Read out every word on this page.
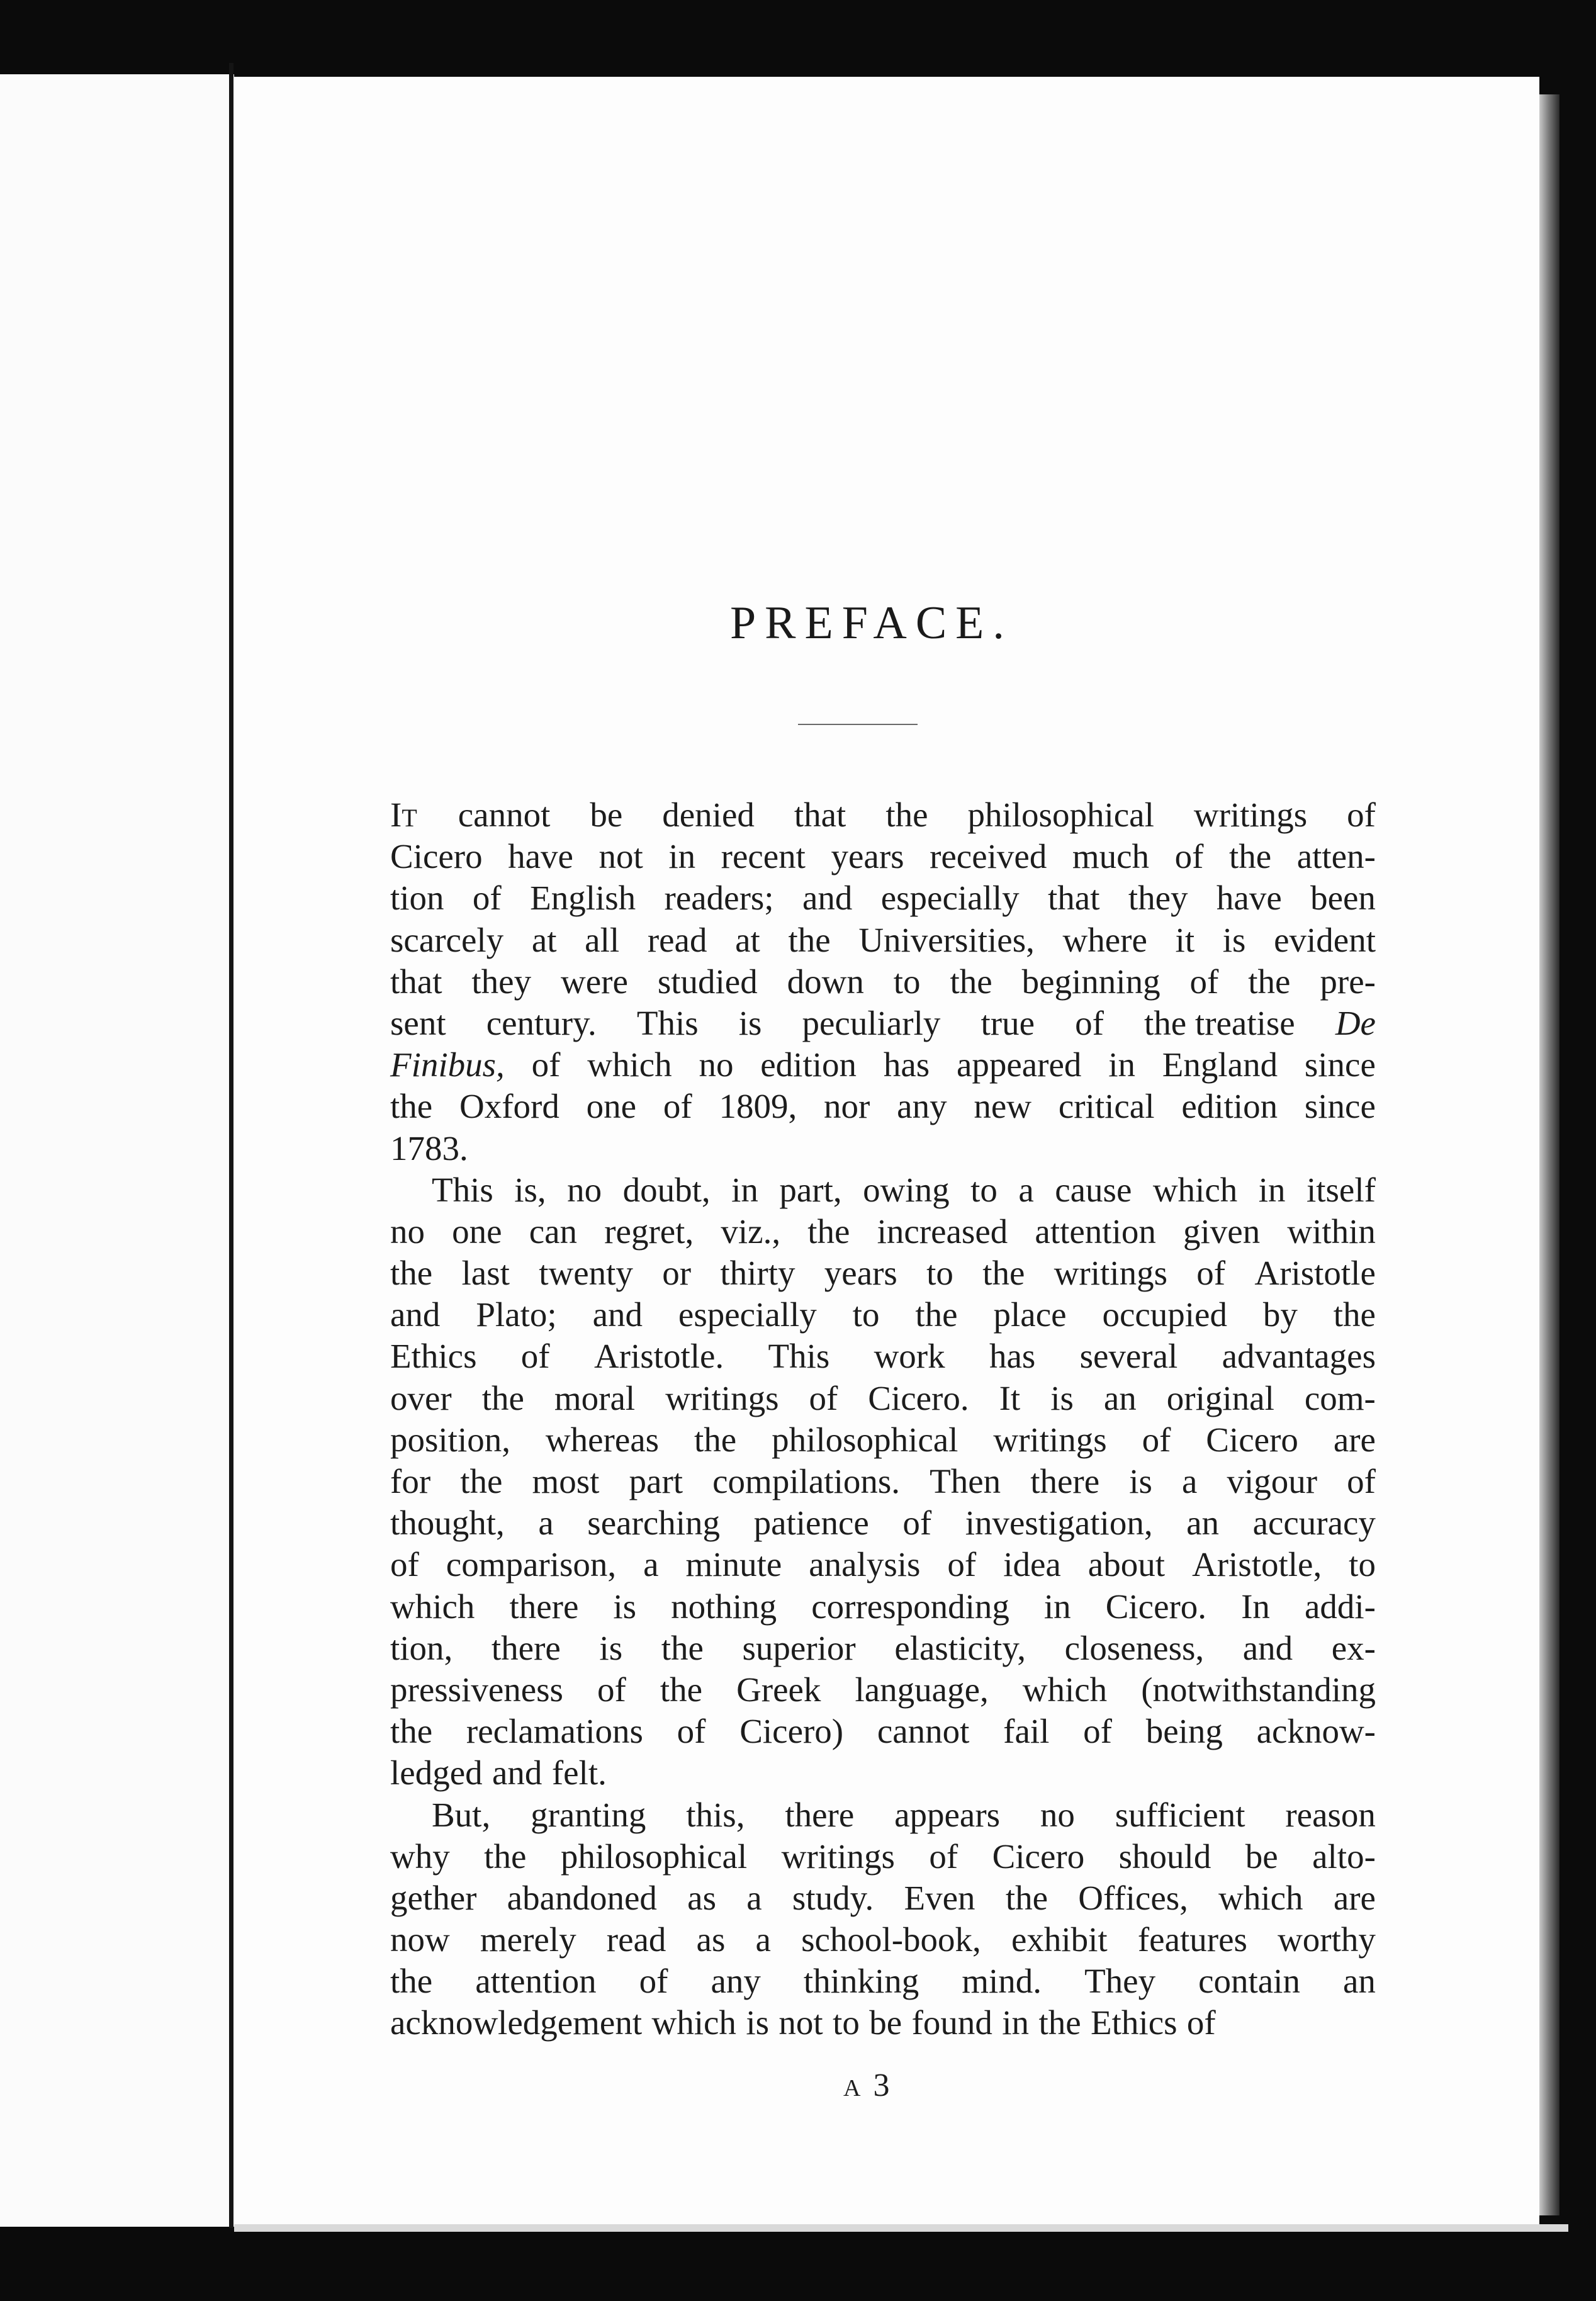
PREFACE.
IT cannot be denied that the philosophical writings of
Cicero have not in recent years received much of the atten-
tion of English readers; and especially that they have been
scarcely at all read at the Universities, where it is evident
that they were studied down to the beginning of the pre-
sent century. This is peculiarly true of the treatise De
Finibus, of which no edition has appeared in England since
the Oxford one of 1809, nor any new critical edition since
1783.
This is, no doubt, in part, owing to a cause which in itself
no one can regret, viz., the increased attention given within
the last twenty or thirty years to the writings of Aristotle
and Plato; and especially to the place occupied by the
Ethics of Aristotle. This work has several advantages
over the moral writings of Cicero. It is an original com-
position, whereas the philosophical writings of Cicero are
for the most part compilations. Then there is a vigour of
thought, a searching patience of investigation, an accuracy
of comparison, a minute analysis of idea about Aristotle, to
which there is nothing corresponding in Cicero. In addi-
tion, there is the superior elasticity, closeness, and ex-
pressiveness of the Greek language, which (notwithstanding
the reclamations of Cicero) cannot fail of being acknow-
ledged and felt.
But, granting this, there appears no sufficient reason
why the philosophical writings of Cicero should be alto-
gether abandoned as a study. Even the Offices, which are
now merely read as a school-book, exhibit features worthy
the attention of any thinking mind. They contain an
acknowledgement which is not to be found in the Ethics of
A 3
